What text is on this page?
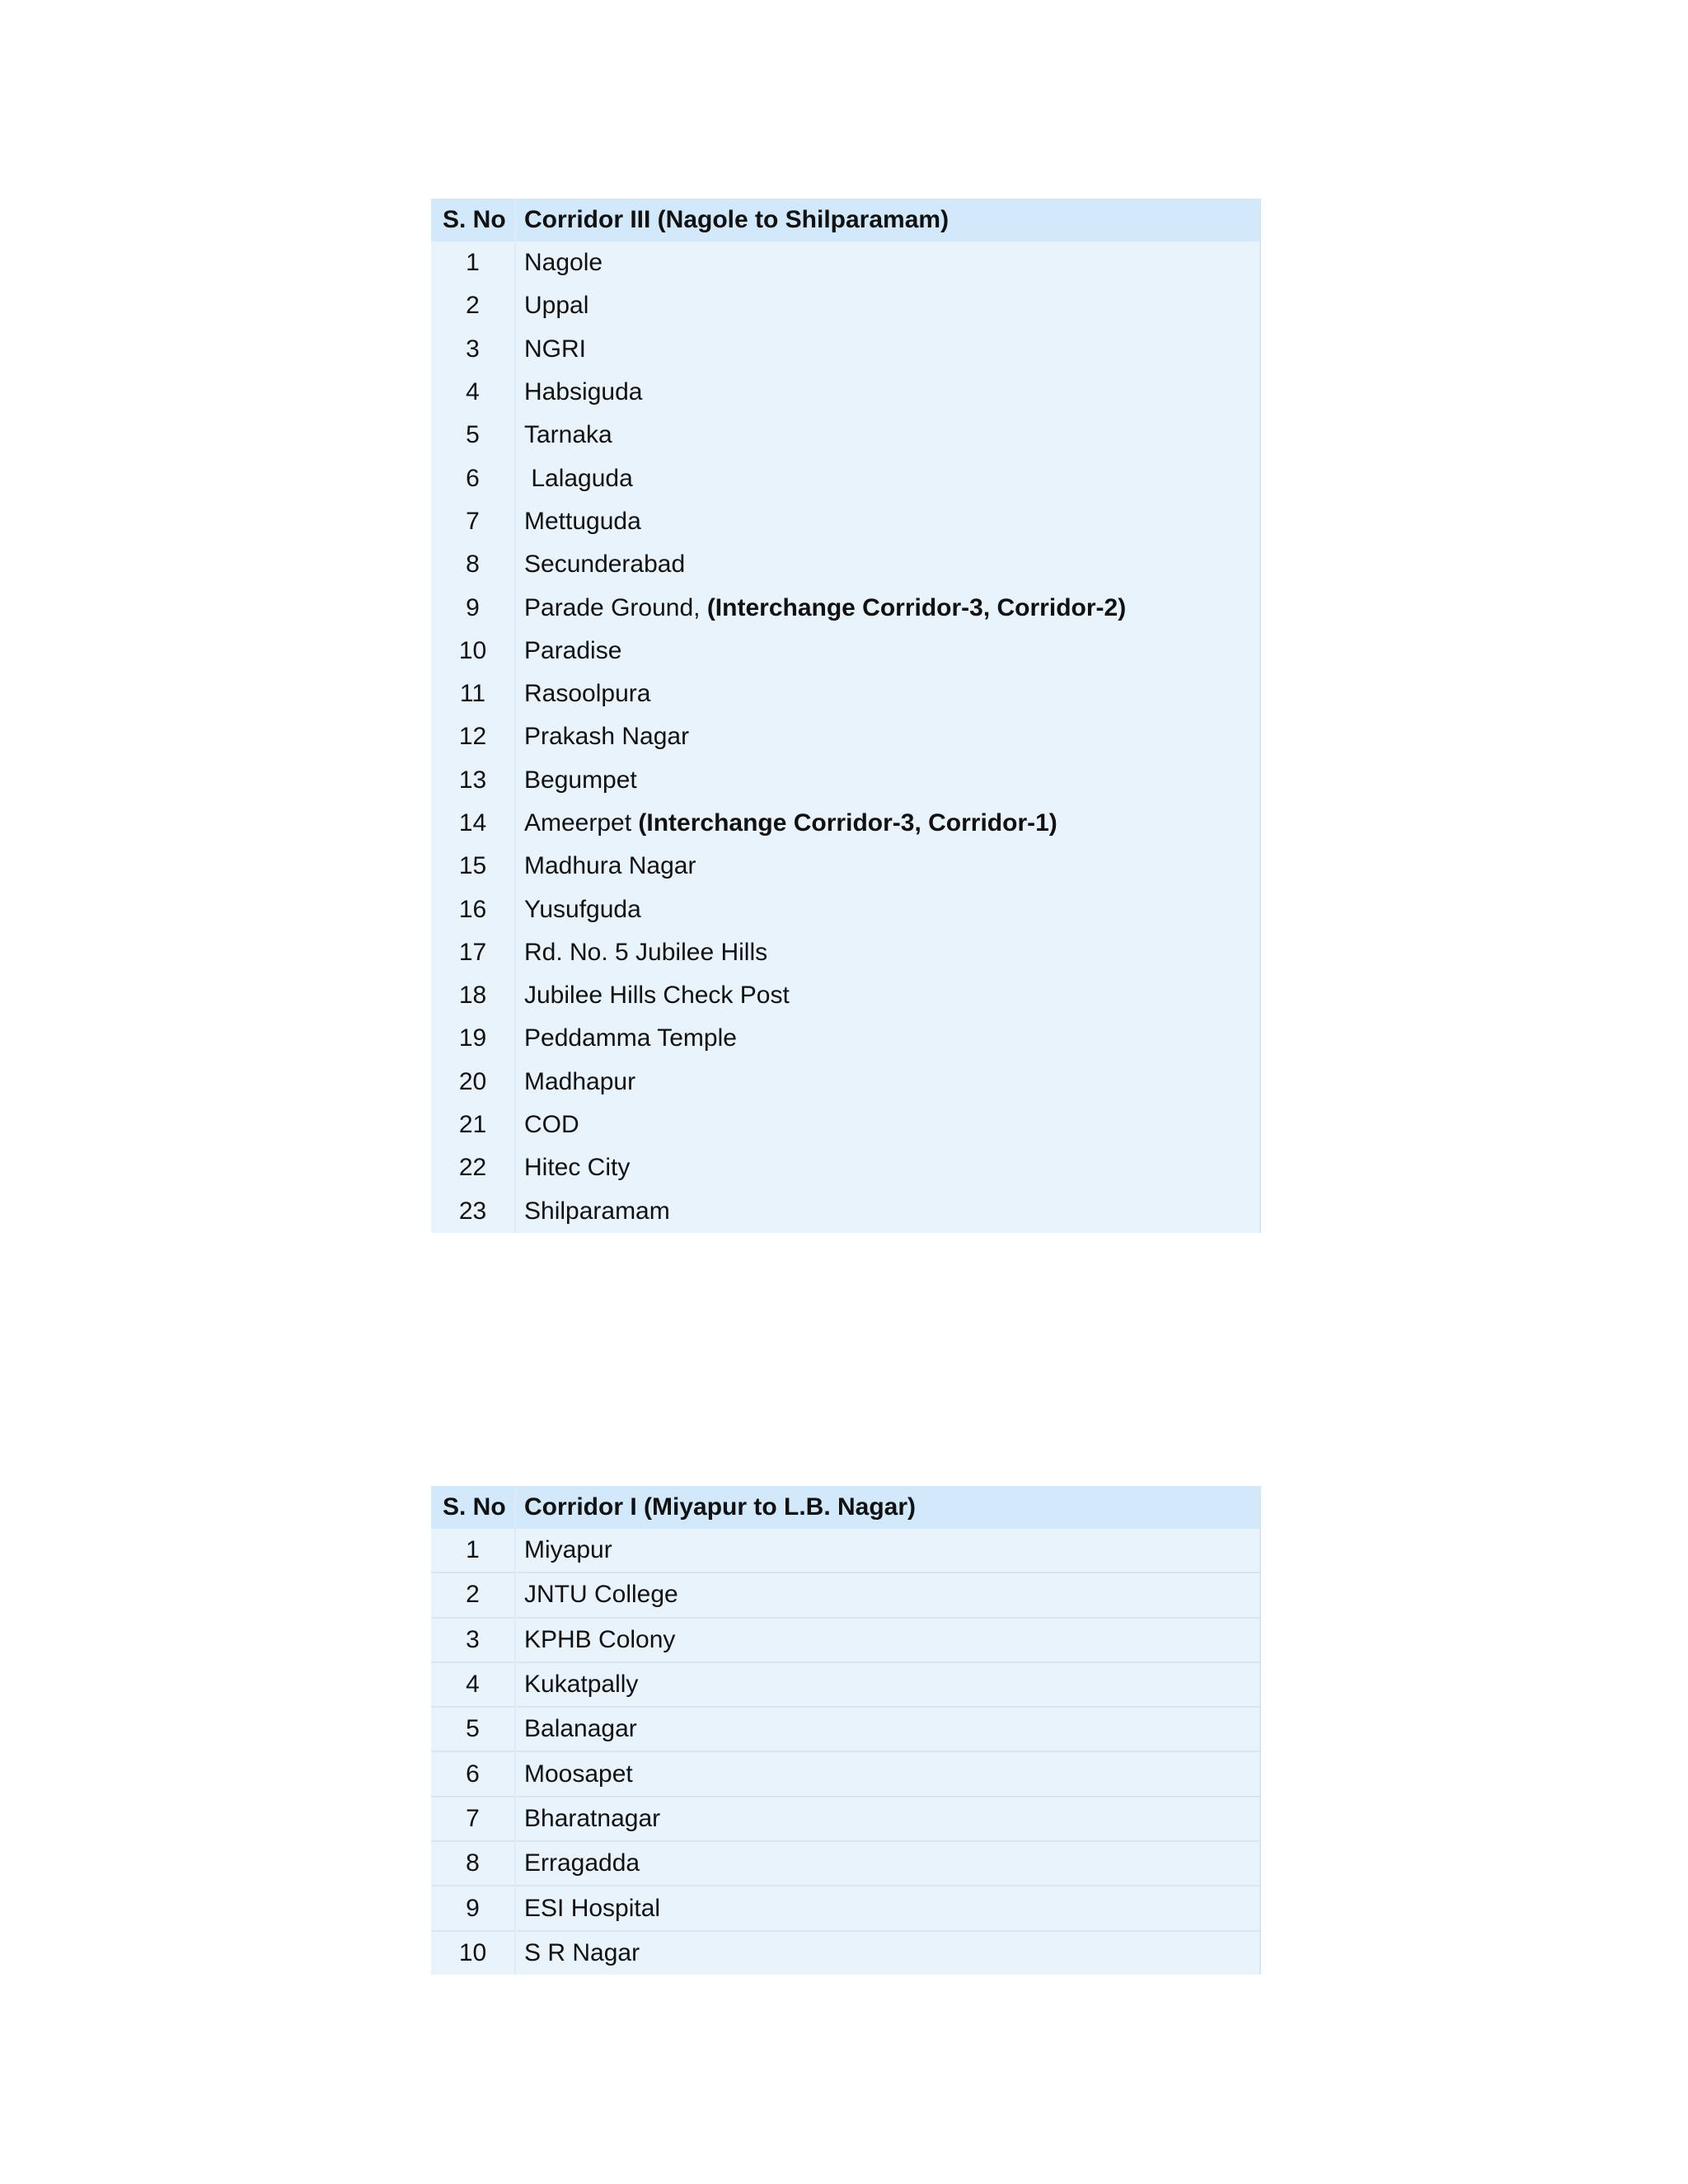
S. No	Corridor III (Nagole to Shilparamam)
1	Nagole
2	Uppal
3	NGRI
4	Habsiguda
5	Tarnaka
6	Lalaguda
7	Mettuguda
8	Secunderabad
9	Parade Ground, (Interchange Corridor-3, Corridor-2)
10	Paradise
11	Rasoolpura
12	Prakash Nagar
13	Begumpet
14	Ameerpet (Interchange Corridor-3, Corridor-1)
15	Madhura Nagar
16	Yusufguda
17	Rd. No. 5 Jubilee Hills
18	Jubilee Hills Check Post
19	Peddamma Temple
20	Madhapur
21	COD
22	Hitec City
23	Shilparamam
S. No	Corridor I (Miyapur to L.B. Nagar)
1	Miyapur
2	JNTU College
3	KPHB Colony
4	Kukatpally
5	Balanagar
6	Moosapet
7	Bharatnagar
8	Erragadda
9	ESI Hospital
10	S R Nagar
